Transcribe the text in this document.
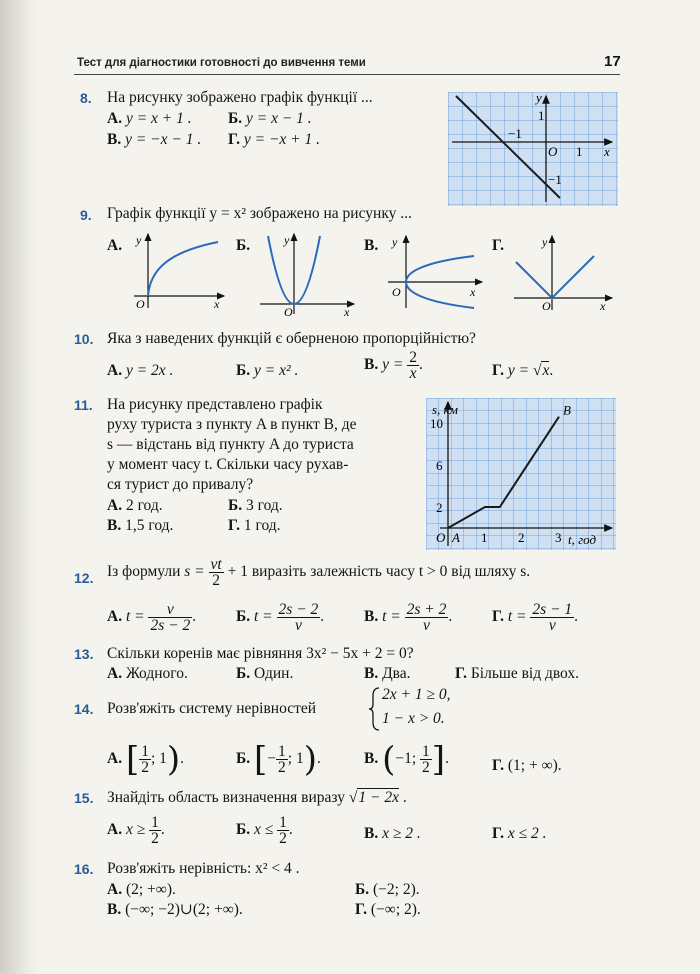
Тест для діагностики готовності до вивчення теми	17
8. На рисунку зображено графік функції ...
А. y = x + 1 . Б. y = x − 1 .
В. y = −x − 1 . Г. y = −x + 1 .
y
x
O 1
1
−1
−1
9. Графік функції y = x² зображено на рисунку ...
А. y
O	x
Б.	y
O	x
В. y
O	x
Г.	y
O	x
10. Яка з наведених функцій є оберненою пропорційністю?
А. y = 2x .	Б. y = x² .	В. $y = \frac{2}{x}$ .	Г. y = √x.
11. На рисунку представлено графік
руху туриста з пункту A в пункт B, де
s — відстань від пункту A до туриста
у момент часу t. Скільки часу рухав-
ся турист до привалу?
А. 2 год.	Б. 3 год.
В. 1,5 год.	Г. 1 год.
s, км
t, год
O A
B
1 2 3
2
6
10
12. Із формули $s = \frac{vt}{2} + 1$ виразіть залежність часу t > 0 від шляху s.
А. $t = \frac{v}{2s - 2}$ .	Б. $t = \frac{2s - 2}{v}$ .	В. $t = \frac{2s + 2}{v}$ .	Г. $t = \frac{2s - 1}{v}$ .
13. Скільки коренів має рівняння 3x² − 5x + 2 = 0?
А. Жодного.	Б. Один.	В. Два.	Г. Більше від двох.
14. Розв'яжіть систему нерівностей
2x + 1 ≥ 0,
1 − x > 0.
А. [ $\frac{1}{2}$ ; 1).	Б. [− $\frac{1}{2}$ ; 1).	В. (−1; $\frac{1}{2}$ ].	Г. (1; + ∞).
15. Знайдіть область визначення виразу √1 − 2x .
А. $x \ge \frac{1}{2}$ .	Б. $x \le \frac{1}{2}$ .	В. x ≥ 2 .	Г. x ≤ 2 .
16. Розв'яжіть нерівність: x² < 4 .
А. (2; +∞).	Б. (−2; 2).
В. (−∞; −2)∪(2; +∞).	Г. (−∞; 2).
